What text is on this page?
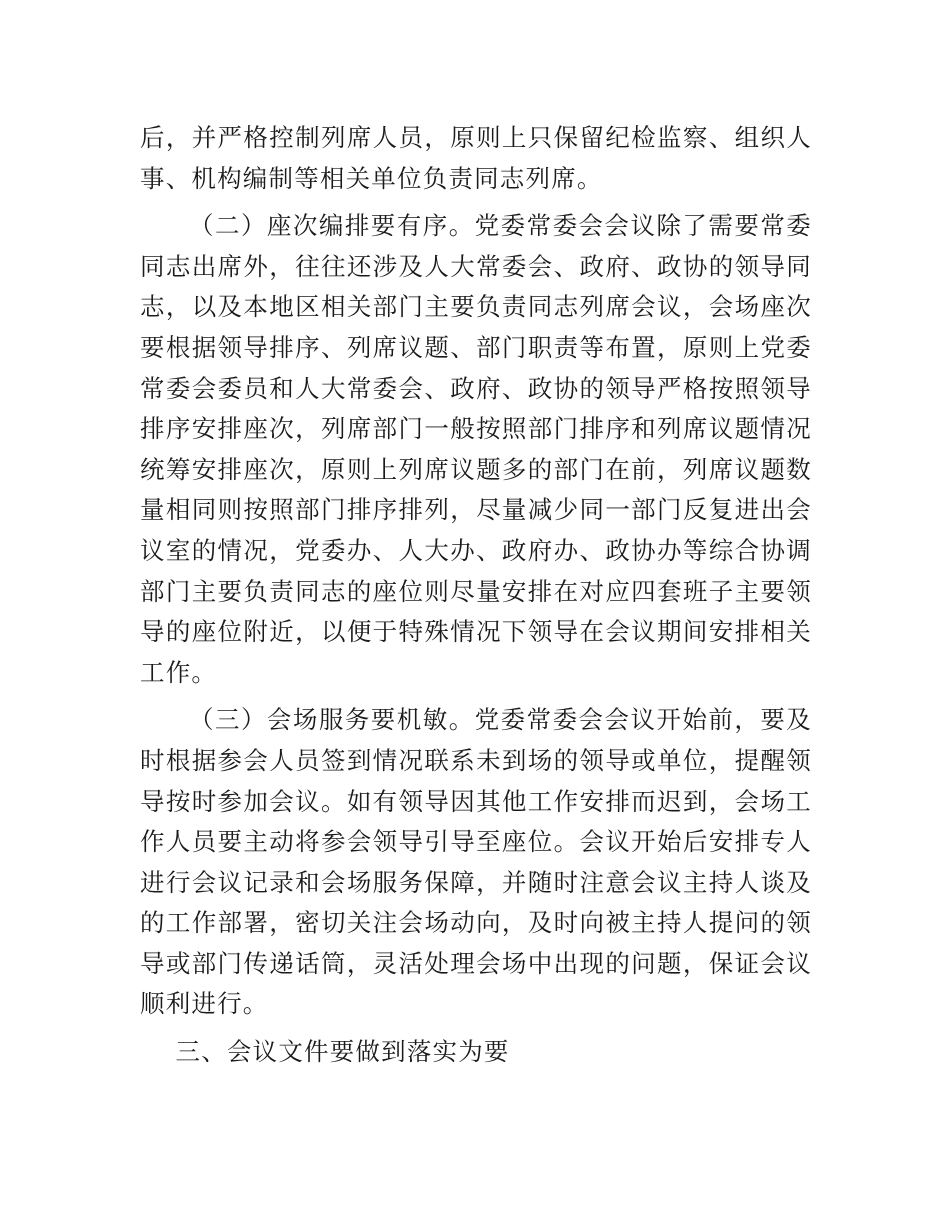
后，并严格控制列席人员，原则上只保留纪检监察、组织人事、机构编制等相关单位负责同志列席。

（二）座次编排要有序。党委常委会会议除了需要常委同志出席外，往往还涉及人大常委会、政府、政协的领导同志，以及本地区相关部门主要负责同志列席会议，会场座次要根据领导排序、列席议题、部门职责等布置，原则上党委常委会委员和人大常委会、政府、政协的领导严格按照领导排序安排座次，列席部门一般按照部门排序和列席议题情况统筹安排座次，原则上列席议题多的部门在前，列席议题数量相同则按照部门排序排列，尽量减少同一部门反复进出会议室的情况，党委办、人大办、政府办、政协办等综合协调部门主要负责同志的座位则尽量安排在对应四套班子主要领导的座位附近，以便于特殊情况下领导在会议期间安排相关工作。

（三）会场服务要机敏。党委常委会会议开始前，要及时根据参会人员签到情况联系未到场的领导或单位，提醒领导按时参加会议。如有领导因其他工作安排而迟到，会场工作人员要主动将参会领导引导至座位。会议开始后安排专人进行会议记录和会场服务保障，并随时注意会议主持人谈及的工作部署，密切关注会场动向，及时向被主持人提问的领导或部门传递话筒，灵活处理会场中出现的问题，保证会议顺利进行。

三、会议文件要做到落实为要
